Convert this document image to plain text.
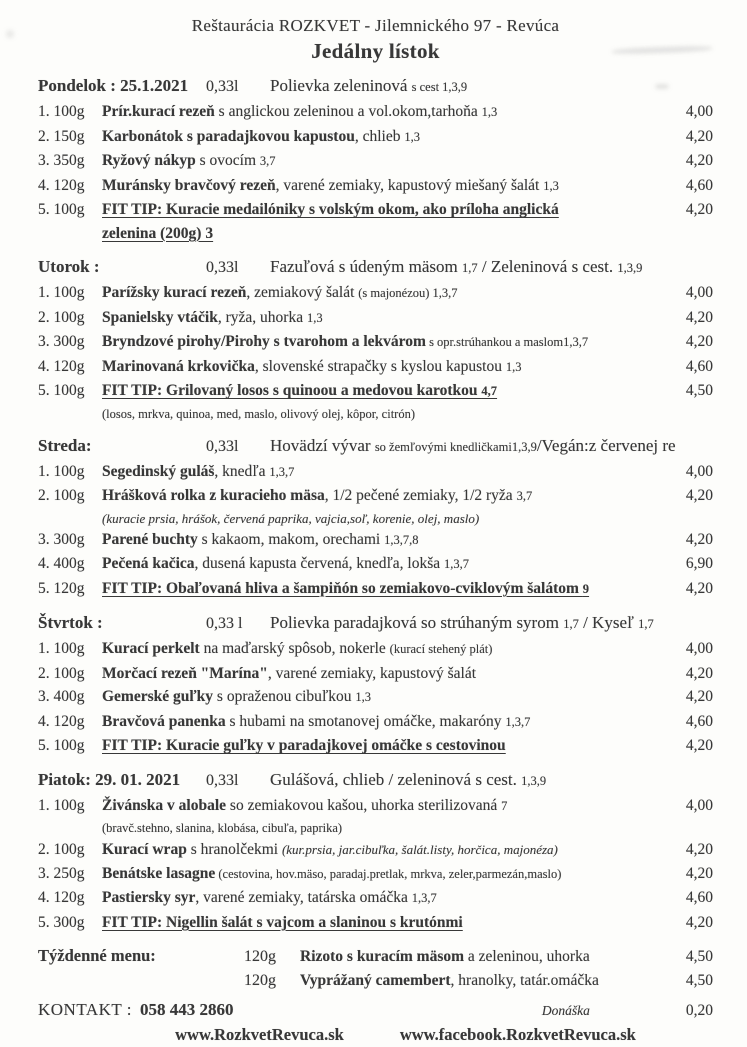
Reštaurácia ROZKVET - Jilemnického 97 - Revúca
Jedálny lístok
Pondelok : 25.1.2021	0,33l	Polievka zeleninová s cest 1,3,9
1. 100g	Prír.kurací rezeň s anglickou zeleninou a vol.okom,tarhoňa 1,3	4,00
2. 150g	Karbonátok s paradajkovou kapustou, chlieb 1,3	4,20
3. 350g	Ryžový nákyp s ovocím 3,7	4,20
4. 120g	Muránsky bravčový rezeň, varené zemiaky, kapustový miešaný šalát 1,3	4,60
5. 100g	FIT TIP: Kuracie medailóniky s volským okom, ako príloha anglická	4,20
zelenina (200g) 3
Utorok :	0,33l	Fazuľová s údeným mäsom 1,7 / Zeleninová s cest. 1,3,9
1. 100g	Parížsky kurací rezeň, zemiakový šalát (s majonézou) 1,3,7	4,00
2. 100g	Spanielsky vtáčik, ryža, uhorka 1,3	4,20
3. 300g	Bryndzové pirohy/Pirohy s tvarohom a lekvárom s opr.strúhankou a maslom1,3,7	4,20
4. 120g	Marinovaná krkovička, slovenské strapačky s kyslou kapustou 1,3	4,60
5. 100g	FIT TIP: Grilovaný losos s quinoou a medovou karotkou 4,7	4,50
(losos, mrkva, quinoa, med, maslo, olivový olej, kôpor, citrón)
Streda:	0,33l	Hovädzí vývar so žemľovými knedličkami1,3,9/Vegán:z červenej re
1. 100g	Segedinský guláš, knedľa 1,3,7	4,00
2. 100g	Hrášková rolka z kuracieho mäsa, 1/2 pečené zemiaky, 1/2 ryža 3,7	4,20
(kuracie prsia, hrášok, červená paprika, vajcia,soľ, korenie, olej, maslo)
3. 300g	Parené buchty s kakaom, makom, orechami 1,3,7,8	4,20
4. 400g	Pečená kačica, dusená kapusta červená, knedľa, lokša 1,3,7	6,90
5. 120g	FIT TIP: Obaľovaná hliva a šampiňón so zemiakovo-cviklovým šalátom 9	4,20
Štvrtok :	0,33 l	Polievka paradajková so strúhaným syrom 1,7 / Kyseľ 1,7
1. 100g	Kurací perkelt na maďarský spôsob, nokerle (kurací stehený plát)	4,00
2. 100g	Morčací rezeň "Marína", varené zemiaky, kapustový šalát	4,20
3. 400g	Gemerské guľky s opraženou cibuľkou 1,3	4,20
4. 120g	Bravčová panenka s hubami na smotanovej omáčke, makaróny 1,3,7	4,60
5. 100g	FIT TIP: Kuracie guľky v paradajkovej omáčke s cestovinou	4,20
Piatok: 29. 01. 2021	0,33l	Gulášová, chlieb / zeleninová s cest. 1,3,9
1. 100g	Živánska v alobale so zemiakovou kašou, uhorka sterilizovaná 7	4,00
(bravč.stehno, slanina, klobása, cibuľa, paprika)
2. 100g	Kurací wrap s hranolčekmi (kur.prsia, jar.cibuľka, šalát.listy, horčica, majonéza)	4,20
3. 250g	Benátske lasagne (cestovina, hov.mäso, paradaj.pretlak, mrkva, zeler,parmezán,maslo)	4,20
4. 120g	Pastiersky syr, varené zemiaky, tatárska omáčka 1,3,7	4,60
5. 300g	FIT TIP: Nigellin šalát s vajcom a slaninou s krutónmi	4,20
Týždenné menu:	120g	Rizoto s kuracím mäsom a zeleninou, uhorka	4,50
120g	Vyprážaný camembert, hranolky, tatár.omáčka	4,50
KONTAKT : 058 443 2860	Donáška	0,20
www.RozkvetRevuca.sk	www.facebook.RozkvetRevuca.sk
